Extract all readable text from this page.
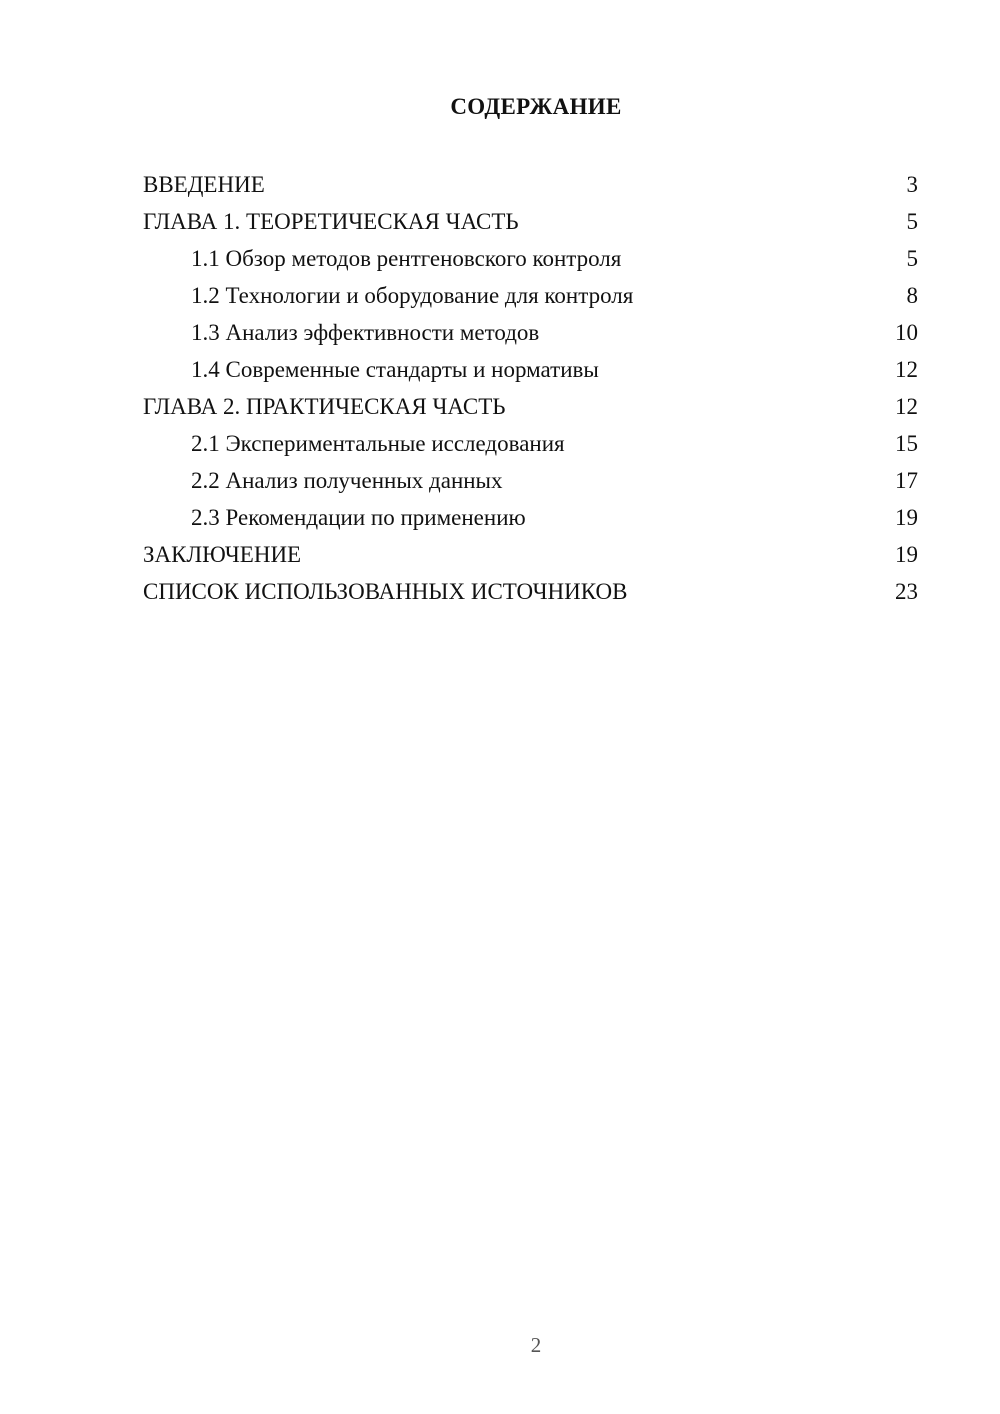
СОДЕРЖАНИЕ
ВВЕДЕНИЕ	3
ГЛАВА 1. ТЕОРЕТИЧЕСКАЯ ЧАСТЬ	5
1.1 Обзор методов рентгеновского контроля	5
1.2 Технологии и оборудование для контроля	8
1.3 Анализ эффективности методов	10
1.4 Современные стандарты и нормативы	12
ГЛАВА 2. ПРАКТИЧЕСКАЯ ЧАСТЬ	12
2.1 Экспериментальные исследования	15
2.2 Анализ полученных данных	17
2.3 Рекомендации по применению	19
ЗАКЛЮЧЕНИЕ	19
СПИСОК ИСПОЛЬЗОВАННЫХ ИСТОЧНИКОВ	23
2
